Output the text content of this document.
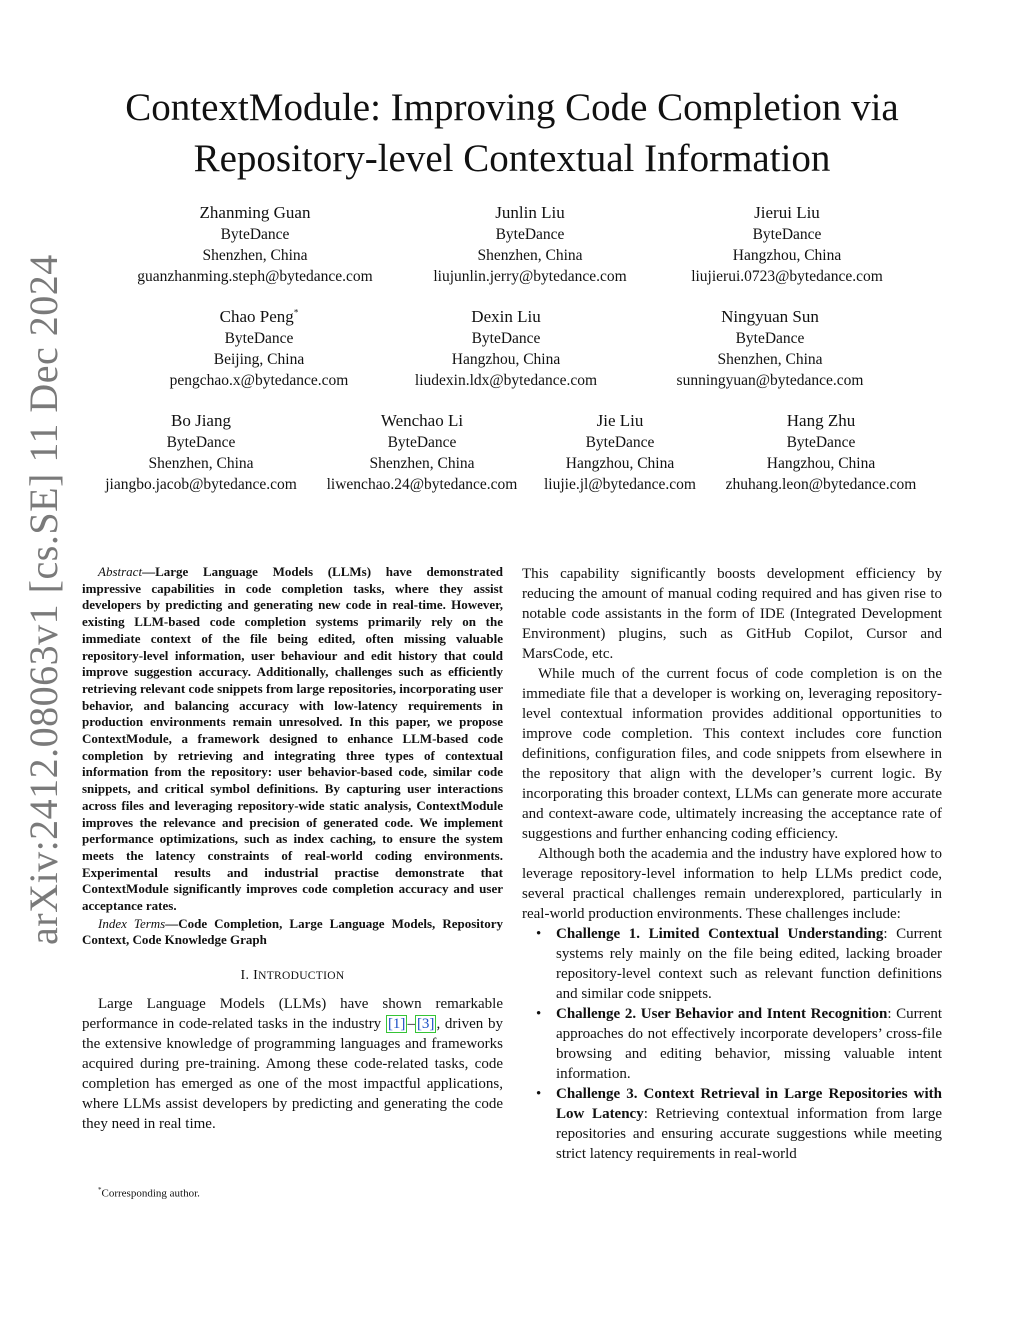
arXiv:2412.08063v1 [cs.SE] 11 Dec 2024
ContextModule: Improving Code Completion via
Repository-level Contextual Information
Zhanming Guan
ByteDance
Shenzhen, China
guanzhanming.steph@bytedance.com
Junlin Liu
ByteDance
Shenzhen, China
liujunlin.jerry@bytedance.com
Jierui Liu
ByteDance
Hangzhou, China
liujierui.0723@bytedance.com
Chao Peng*
ByteDance
Beijing, China
pengchao.x@bytedance.com
Dexin Liu
ByteDance
Hangzhou, China
liudexin.ldx@bytedance.com
Ningyuan Sun
ByteDance
Shenzhen, China
sunningyuan@bytedance.com
Bo Jiang
ByteDance
Shenzhen, China
jiangbo.jacob@bytedance.com
Wenchao Li
ByteDance
Shenzhen, China
liwenchao.24@bytedance.com
Jie Liu
ByteDance
Hangzhou, China
liujie.jl@bytedance.com
Hang Zhu
ByteDance
Hangzhou, China
zhuhang.leon@bytedance.com

Abstract—Large Language Models (LLMs) have demonstrated impressive capabilities in code completion tasks, where they assist developers by predicting and generating new code in real-time. However, existing LLM-based code completion systems primarily rely on the immediate context of the file being edited, often missing valuable repository-level information, user behaviour and edit history that could improve suggestion accuracy. Additionally, challenges such as efficiently retrieving relevant code snippets from large repositories, incorporating user behavior, and balancing accuracy with low-latency requirements in production environments remain unresolved. In this paper, we propose ContextModule, a framework designed to enhance LLM-based code completion by retrieving and integrating three types of contextual information from the repository: user behavior-based code, similar code snippets, and critical symbol definitions. By capturing user interactions across files and leveraging repository-wide static analysis, ContextModule improves the relevance and precision of generated code. We implement performance optimizations, such as index caching, to ensure the system meets the latency constraints of real-world coding environments. Experimental results and industrial practise demonstrate that ContextModule significantly improves code completion accuracy and user acceptance rates.

Index Terms—Code Completion, Large Language Models, Repository Context, Code Knowledge Graph

I. INTRODUCTION

Large Language Models (LLMs) have shown remarkable performance in code-related tasks in the industry [1] – [3] , driven by the extensive knowledge of programming languages and frameworks acquired during pre-training. Among these code-related tasks, code completion has emerged as one of the most impactful applications, where LLMs assist developers by predicting and generating the code they need in real time.

*Corresponding author.

This capability significantly boosts development efficiency by reducing the amount of manual coding required and has given rise to notable code assistants in the form of IDE (Integrated Development Environment) plugins, such as GitHub Copilot, Cursor and MarsCode, etc.

While much of the current focus of code completion is on the immediate file that a developer is working on, leveraging repository-level contextual information provides additional opportunities to improve code completion. This context includes core function definitions, configuration files, and code snippets from elsewhere in the repository that align with the developer’s current logic. By incorporating this broader context, LLMs can generate more accurate and context-aware code, ultimately increasing the acceptance rate of suggestions and further enhancing coding efficiency.

Although both the academia and the industry have explored how to leverage repository-level information to help LLMs predict code, several practical challenges remain underexplored, particularly in real-world production environments. These challenges include:

• Challenge 1. Limited Contextual Understanding: Current systems rely mainly on the file being edited, lacking broader repository-level context such as relevant function definitions and similar code snippets.
• Challenge 2. User Behavior and Intent Recognition: Current approaches do not effectively incorporate developers’ cross-file browsing and editing behavior, missing valuable intent information.
• Challenge 3. Context Retrieval in Large Repositories with Low Latency: Retrieving contextual information from large repositories and ensuring accurate suggestions while meeting strict latency requirements in real-world
